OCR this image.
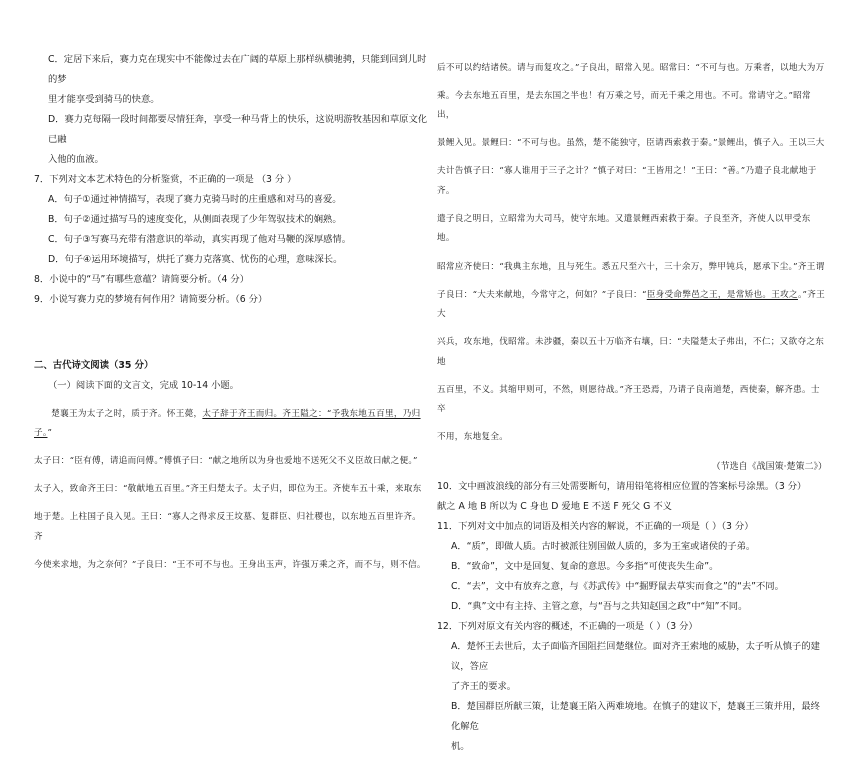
C．定居下来后，赛力克在现实中不能像过去在广阔的草原上那样纵横驰骋，只能到回到儿时的梦

里才能享受到骑马的快意。

D．赛力克每隔一段时间都要尽情狂奔，享受一种马背上的快乐，这说明游牧基因和草原文化已融

入他的血液。

7．下列对文本艺术特色的分析鉴赏，不正确的一项是 （3 分 ）

A．句子①通过神情描写，表现了赛力克骑马时的庄重感和对马的喜爱。

B．句子②通过描写马的速度变化，从侧面表现了少年驾驭技术的娴熟。

C．句子③写赛马充带有潜意识的举动，真实再现了他对马鞭的深厚感情。

D．句子④运用环境描写，烘托了赛力克落寞、忧伤的心理，意味深长。

8．小说中的“马”有哪些意蕴？请简要分析。（4 分）

9．小说写赛力克的梦境有何作用？请简要分析。（6 分）

二、古代诗文阅读（35 分）

（一）阅读下面的文言文，完成 10-14 小题。

楚襄王为太子之时，质于齐。怀王薨，太子辞于齐王而归。齐王隘之：“予我东地五百里，乃归子。”

太子曰：“臣有傅，请追而问傅。”傅慎子曰：“献之地所以为身也爱地不送死父不义臣故曰献之便。”

太子入，致命齐王曰：“敬献地五百里。”齐王归楚太子。太子归，即位为王。齐使车五十乘，来取东

地于楚。上柱国子良入见。王曰：“寡人之得求反王坟墓、复群臣、归社稷也，以东地五百里许齐。齐

今使来求地，为之奈何？”子良曰：“王不可不与也。王身出玉声，许强万乘之齐，而不与，则不信。

后不可以约结诸侯。请与而复攻之。”子良出，昭常入见。昭常曰：“不可与也。万乘者，以地大为万

乘。今去东地五百里，是去东国之半也！有万乘之号，而无千乘之用也。不可。常请守之。”昭常出，

景鲤入见。景鲤曰：“不可与也。虽然，楚不能独守，臣请西索救于秦。”景鲤出，慎子入。王以三大

夫计告慎子曰：“寡人谁用于三子之计？”慎子对曰：“王皆用之！”王曰：“善。”乃遣子良北献地于齐。

遣子良之明日，立昭常为大司马，使守东地。又遣景鲤西索救于秦。子良至齐，齐使人以甲受东地。

昭常应齐使曰：“我典主东地，且与死生。悉五尺至六十，三十余万，弊甲钝兵，愿承下尘。”齐王谓

子良曰：“大夫来献地，今常守之，何如？”子良曰：“臣身受命弊邑之王，是常矫也。王攻之。”齐王大

兴兵，攻东地，伐昭常。未涉疆，秦以五十万临齐右壤，曰：“夫隘楚太子弗出，不仁；又欲夺之东地

五百里，不义。其缩甲则可，不然，则愿待战。”齐王恐焉，乃请子良南道楚，西使秦，解齐患。士卒

不用，东地复全。

（节选自《战国策·楚策二》）

10．文中画波浪线的部分有三处需要断句，请用铅笔将相应位置的答案标号涂黑。（3 分）

献之 A 地 B 所以为 C 身也 D 爱地 E 不送 F 死父 G 不义

11．下列对文中加点的词语及相关内容的解说，不正确的一项是（ ）（3 分）

A．“质”，即做人质。古时被派往别国做人质的，多为王室或诸侯的子弟。

B．“致命”，文中是回复、复命的意思。今多指“可使丧失生命”。

C．“去”，文中有放弃之意，与《苏武传》中“掘野鼠去草实而食之”的“去”不同。

D．“典”文中有主持、主管之意，与“吾与之共知赵国之政”中“知”不同。

12．下列对原文有关内容的概述，不正确的一项是（ ）（3 分）

A．楚怀王去世后，太子面临齐国阻拦回楚继位。面对齐王索地的威胁，太子听从慎子的建议，答应

了齐王的要求。

B．楚国群臣所献三策，让楚襄王陷入两难境地。在慎子的建议下，楚襄王三策并用，最终化解危

机。
